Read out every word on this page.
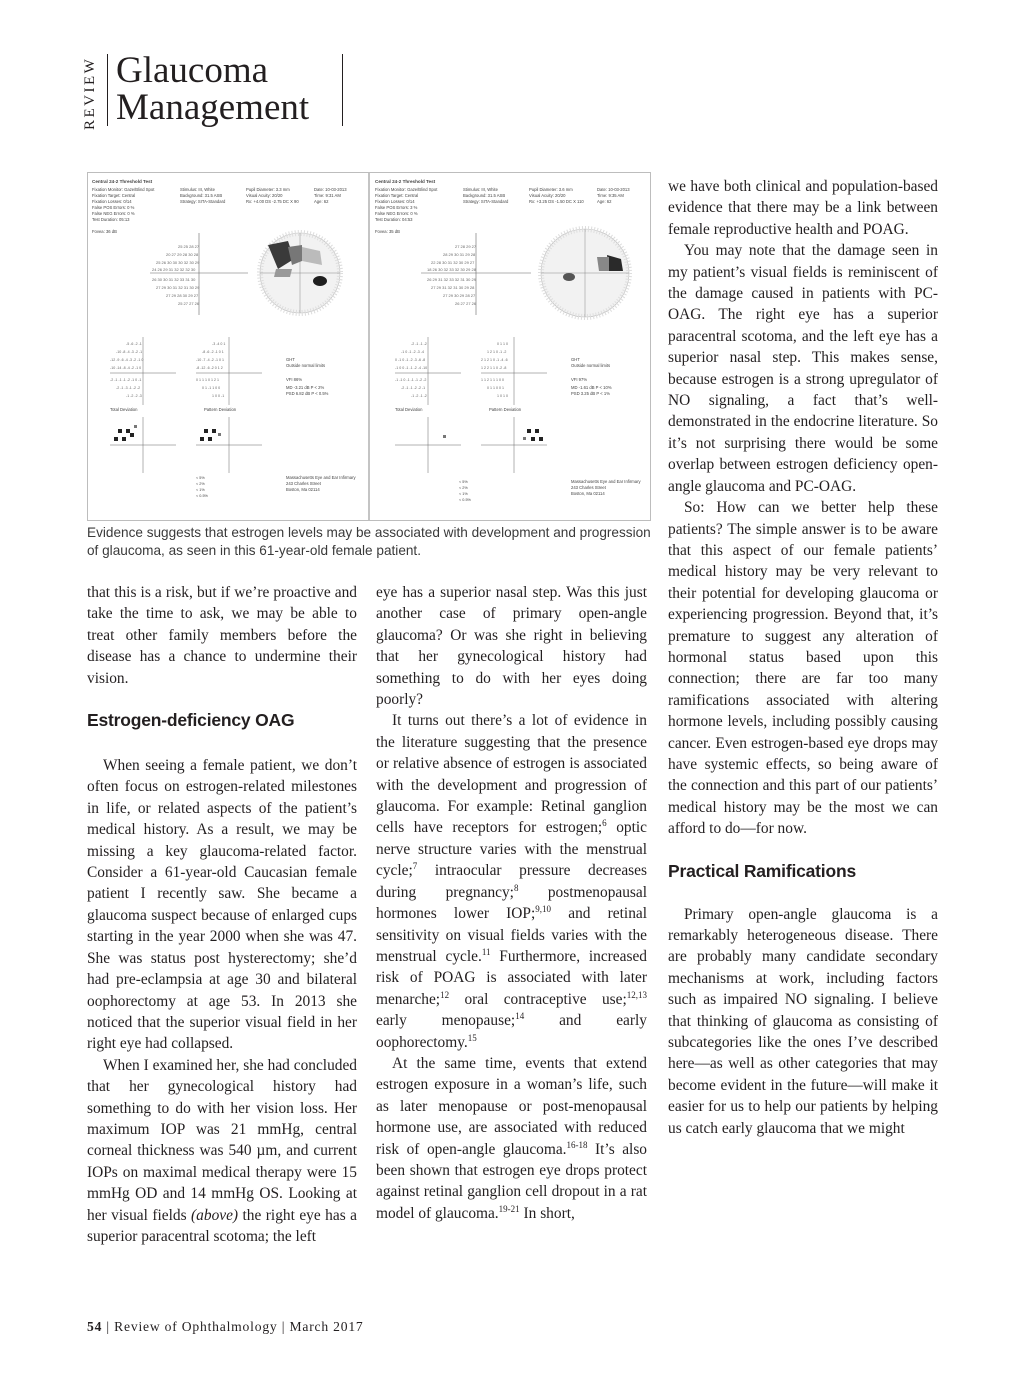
REVIEW Glaucoma
Management
Central 24-2 Threshold Test
Fixation Monitor: Gaze/Blind Spot
Fixation Target: Central
Fixation Losses: 0/14
False POS Errors: 0 %
False NEG Errors: 0 %
Test Duration: 05:13
Fovea: 36 dB
Stimulus: III, White
Background: 31.5 ASB
Strategy: SITA-Standard
Pupil Diameter: 3.3 mm
Visual Acuity: 20/20
Rx: +4.00 DS -2.75 DC X 90
Date: 10-03-2013
Time: 9:31 AM
Age: 62
25 25 28 27
20 27 29 28 30 28
25 26 30 30 30 32 30 29
24 26 29 31 32 32 32 30
26 30 30 31 32 33 31 30
27 29 30 31 32 31 30 29
27 29 28 30 29 27
25 27 27 26
-5 -6 -2 -1
-10 -8 -4 -3 -2 -1
-12 -9 -6 -4 -3 -2 -1 0
-10 -14 -8 -4 -2 -1 0
-2 -1 -1 -1 -2 -1 0 -1
-2 -1 -3 -1 -2 -2
-1 -2 -2 -3
-3 -4 0 1
-8 -6 -2 -1 0 1
-10 -7 -4 -2 -1 0 1
-8 -12 -6 -2 0 1 2
0 1 1 1 0 1 2 1
0 1 -1 1 0 0
1 0 0 -1
Total Deviation	Pattern Deviation
GHT
Outside normal limits
VFI 86%
MD -3.21 dB P < 2%
PSD 6.82 dB P < 0.5%
< 5%
< 2%
< 1%
< 0.5%
Massachusetts Eye and Ear Infirmary
243 Charles Street
Boston, Ma 02114
Central 24-2 Threshold Test
Fixation Monitor: Gaze/Blind Spot
Fixation Target: Central
Fixation Losses: 0/14
False POS Errors: 3 %
False NEG Errors: 0 %
Test Duration: 04:53
Fovea: 35 dB
Stimulus: III, White
Background: 31.5 ASB
Strategy: SITA-Standard
Pupil Diameter: 3.6 mm
Visual Acuity: 20/20
Rx: +3.25 DS -1.50 DC X 110
Date: 10-03-2013
Time: 9:35 AM
Age: 62
27 28 29 27
28 29 30 31 29 28
22 28 30 31 32 30 29 27
18 26 30 32 33 32 30 29 28
26 29 31 32 33 32 31 30 29
27 29 31 32 31 30 29 28
27 29 30 29 28 27
26 27 27 26
-2 -1 -1 -2
-1 0 -1 -2 -3 -4
0 -1 0 -1 -2 -3 -6 -8
-1 0 0 -1 -1 -2 -4 -10
-1 -1 0 -1 -1 -1 -2 -2
-2 -1 -1 -2 -2 -1
-1 -2 -1 -2
0 1 1 0
1 2 1 0 -1 -2
2 1 2 1 0 -1 -4 -6
1 2 2 1 1 0 -2 -8
1 1 2 1 1 1 0 0
0 1 1 0 0 1
1 0 1 0
Total Deviation	Pattern Deviation
GHT
Outside normal limits
VFI 97%
MD -1.61 dB P < 10%
PSD 3.25 dB P < 1%
< 5%
< 2%
< 1%
< 0.5%
Massachusetts Eye and Ear Infirmary
243 Charles Street
Boston, Ma 02114
Evidence suggests that estrogen levels may be associated with development and progression of glaucoma, as seen in this 61-year-old female patient.

that this is a risk, but if we’re proactive and take the time to ask, we may be able to treat other family members before the disease has a chance to undermine their vision.

Estrogen-deficiency OAG

When seeing a female patient, we don’t often focus on estrogen-related milestones in life, or related aspects of the patient’s medical history. As a result, we may be missing a key glaucoma-related factor. Consider a 61-year-old Caucasian female patient I recently saw. She became a glaucoma suspect because of enlarged cups starting in the year 2000 when she was 47. She was status post hysterectomy; she’d had pre-eclampsia at age 30 and bilateral oophorectomy at age 53. In 2013 she noticed that the superior visual field in her right eye had collapsed.

When I examined her, she had concluded that her gynecological history had something to do with her vision loss. Her maximum IOP was 21 mmHg, central corneal thickness was 540 µm, and current IOPs on maximal medical therapy were 15 mmHg OD and 14 mmHg OS. Looking at her visual fields (above) the right eye has a superior paracentral scotoma; the left

eye has a superior nasal step. Was this just another case of primary open-angle glaucoma? Or was she right in believing that her gynecological history had something to do with her eyes doing poorly?

It turns out there’s a lot of evidence in the literature suggesting that the presence or relative absence of estrogen is associated with the development and progression of glaucoma. For example: Retinal ganglion cells have receptors for estrogen;$^6$ optic nerve structure varies with the menstrual cycle;$^7$ intraocular pressure decreases during pregnancy;$^8$ postmenopausal hormones lower IOP;$^{9,10}$ and retinal sensitivity on visual fields varies with the menstrual cycle.$^{11}$ Furthermore, increased risk of POAG is associated with later menarche;$^{12}$ oral contraceptive use;$^{12,13}$ early menopause;$^{14}$ and early oophorectomy.$^{15}$

At the same time, events that extend estrogen exposure in a woman’s life, such as later menopause or post-menopausal hormone use, are associated with reduced risk of open-angle glaucoma.$^{16-18}$ It’s also been shown that estrogen eye drops protect against retinal ganglion cell dropout in a rat model of glaucoma.$^{19-21}$ In short,

we have both clinical and population-based evidence that there may be a link between female reproductive health and POAG.

You may note that the damage seen in my patient’s visual fields is reminiscent of the damage caused in patients with PC-OAG. The right eye has a superior paracentral scotoma, and the left eye has a superior nasal step. This makes sense, because estrogen is a strong upregulator of NO signaling, a fact that’s well-demonstrated in the endocrine literature. So it’s not surprising there would be some overlap between estrogen deficiency open-angle glaucoma and PC-OAG.

So: How can we better help these patients? The simple answer is to be aware that this aspect of our female patients’ medical history may be very relevant to their potential for developing glaucoma or experiencing progression. Beyond that, it’s premature to suggest any alteration of hormonal status based upon this connection; there are far too many ramifications associated with altering hormone levels, including possibly causing cancer. Even estrogen-based eye drops may have systemic effects, so being aware of the connection and this part of our patients’ medical history may be the most we can afford to do—for now.

Practical Ramifications

Primary open-angle glaucoma is a remarkably heterogeneous disease. There are probably many candidate secondary mechanisms at work, including factors such as impaired NO signaling. I believe that thinking of glaucoma as consisting of subcategories like the ones I’ve described here—as well as other categories that may become evident in the future—will make it easier for us to help our patients by helping us catch early glaucoma that we might

54 | Review of Ophthalmology | March 2017
